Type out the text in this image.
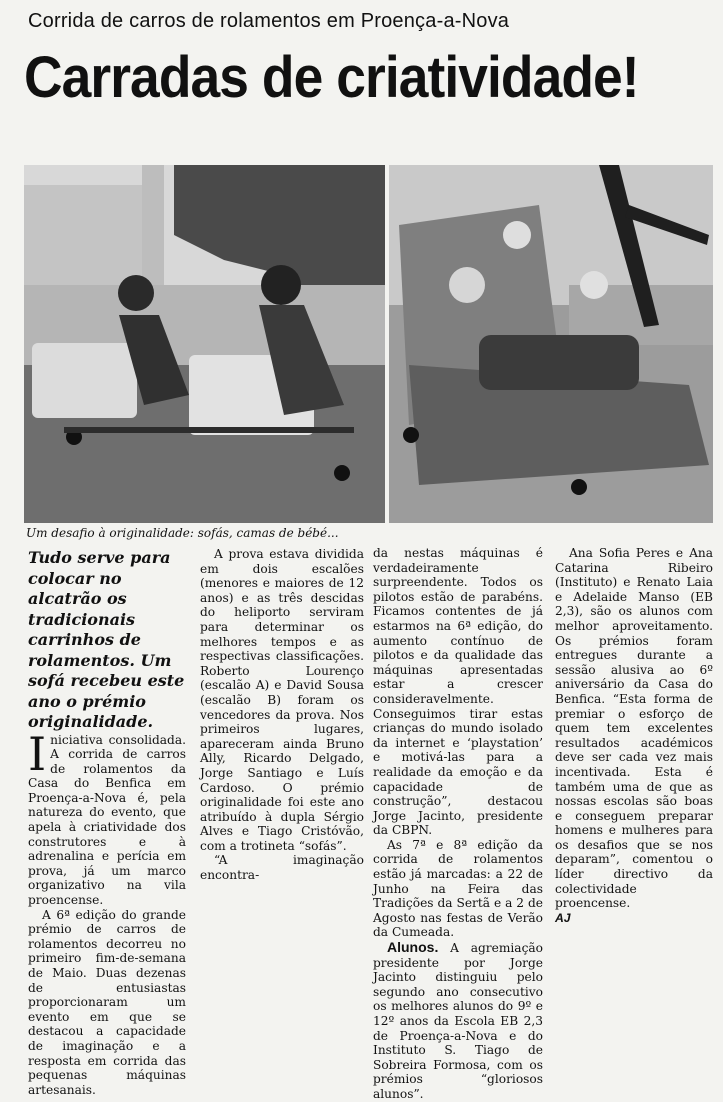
Corrida de carros de rolamentos em Proença-a-Nova
Carradas de criatividade!
Um desafio à originalidade: sofás, camas de bébé...

Tudo serve para colocar no alcatrão os tradicionais carrinhos de rolamentos. Um sofá recebeu este ano o prémio originalidade.

Iniciativa consolidada. A corrida de carros de rolamentos da Casa do Benfica em Proença-a-Nova é, pela natureza do evento, que apela à criatividade dos construtores e à adrenalina e perícia em prova, já um marco organizativo na vila proencense.

A 6ª edição do grande prémio de carros de rolamentos decorreu no primeiro fim-de-semana de Maio. Duas dezenas de entusiastas proporcionaram um evento em que se destacou a capacidade de imaginação e a resposta em corrida das pequenas máquinas artesanais.

A prova estava dividida em dois escalões (menores e maiores de 12 anos) e as três descidas do heliporto serviram para determinar os melhores tempos e as respectivas classificações. Roberto Lourenço (escalão A) e David Sousa (escalão B) foram os vencedores da prova. Nos primeiros lugares, apareceram ainda Bruno Ally, Ricardo Delgado, Jorge Santiago e Luís Cardoso. O prémio originalidade foi este ano atribuído à dupla Sérgio Alves e Tiago Cristóvão, com a trotineta “sofás”.

“A imaginação encontra-

da nestas máquinas é verdadeiramente surpreendente. Todos os pilotos estão de parabéns. Ficamos contentes de já estarmos na 6ª edição, do aumento contínuo de pilotos e da qualidade das máquinas apresentadas estar a crescer consideravelmente. Conseguimos tirar estas crianças do mundo isolado da internet e ‘playstation’ e motivá-las para a realidade da emoção e da capacidade de construção”, destacou Jorge Jacinto, presidente da CBPN.

As 7ª e 8ª edição da corrida de rolamentos estão já marcadas: a 22 de Junho na Feira das Tradições da Sertã e a 2 de Agosto nas festas de Verão da Cumeada.

Alunos. A agremiação presidente por Jorge Jacinto distinguiu pelo segundo ano consecutivo os melhores alunos do 9º e 12º anos da Escola EB 2,3 de Proença-a-Nova e do Instituto S. Tiago de Sobreira Formosa, com os prémios “gloriosos alunos”.

Ana Sofia Peres e Ana Catarina Ribeiro (Instituto) e Renato Laia e Adelaide Manso (EB 2,3), são os alunos com melhor aproveitamento. Os prémios foram entregues durante a sessão alusiva ao 6º aniversário da Casa do Benfica. “Esta forma de premiar o esforço de quem tem excelentes resultados académicos deve ser cada vez mais incentivada. Esta é também uma de que as nossas escolas são boas e conseguem preparar homens e mulheres para os desafios que se nos deparam”, comentou o líder directivo da colectividade proencense.

AJ
